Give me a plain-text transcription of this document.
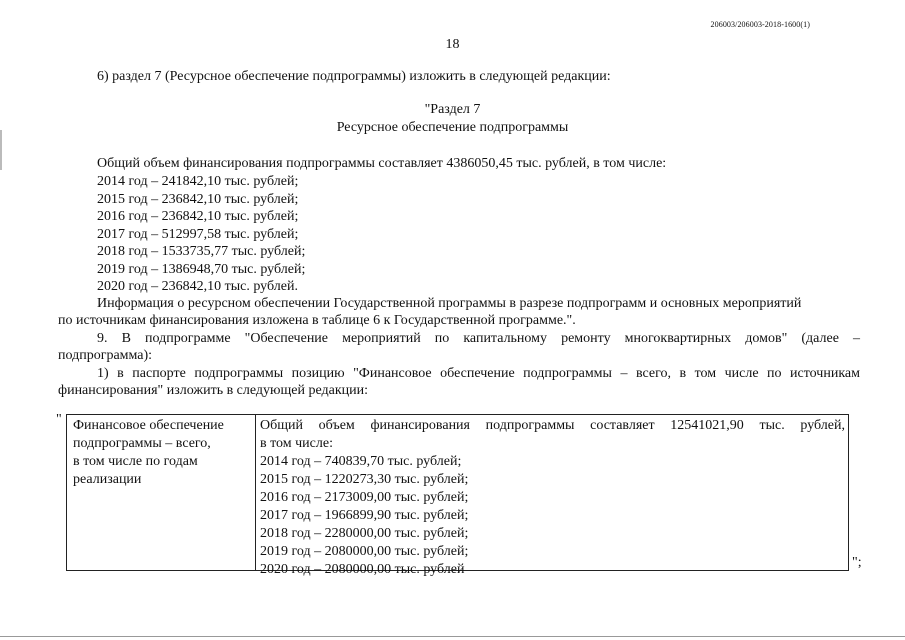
206003/206003-2018-1600(1)
18
6) раздел 7 (Ресурсное обеспечение подпрограммы) изложить в следующей редакции:
"Раздел 7
Ресурсное обеспечение подпрограммы
Общий объем финансирования подпрограммы составляет 4386050,45 тыс. рублей, в том числе:
2014 год – 241842,10 тыс. рублей;
2015 год – 236842,10 тыс. рублей;
2016 год – 236842,10 тыс. рублей;
2017 год – 512997,58 тыс. рублей;
2018 год – 1533735,77 тыс. рублей;
2019 год – 1386948,70 тыс. рублей;
2020 год – 236842,10 тыс. рублей.
Информация о ресурсном обеспечении Государственной программы в разрезе подпрограмм и основных мероприятий
по источникам финансирования изложена в таблице 6 к Государственной программе.".
9. В подпрограмме "Обеспечение мероприятий по капитальному ремонту многоквартирных домов" (далее –
подпрограмма):
1) в паспорте подпрограммы позицию "Финансовое обеспечение подпрограммы – всего, в том числе по источникам
финансирования" изложить в следующей редакции:
" Финансовое обеспечение
подпрограммы – всего,
в том числе по годам
реализации
Общий объем финансирования подпрограммы составляет 12541021,90 тыс. рублей,
в том числе:
2014 год – 740839,70 тыс. рублей;
2015 год – 1220273,30 тыс. рублей;
2016 год – 2173009,00 тыс. рублей;
2017 год – 1966899,90 тыс. рублей;
2018 год – 2280000,00 тыс. рублей;
2019 год – 2080000,00 тыс. рублей;
2020 год – 2080000,00 тыс. рублей	";
